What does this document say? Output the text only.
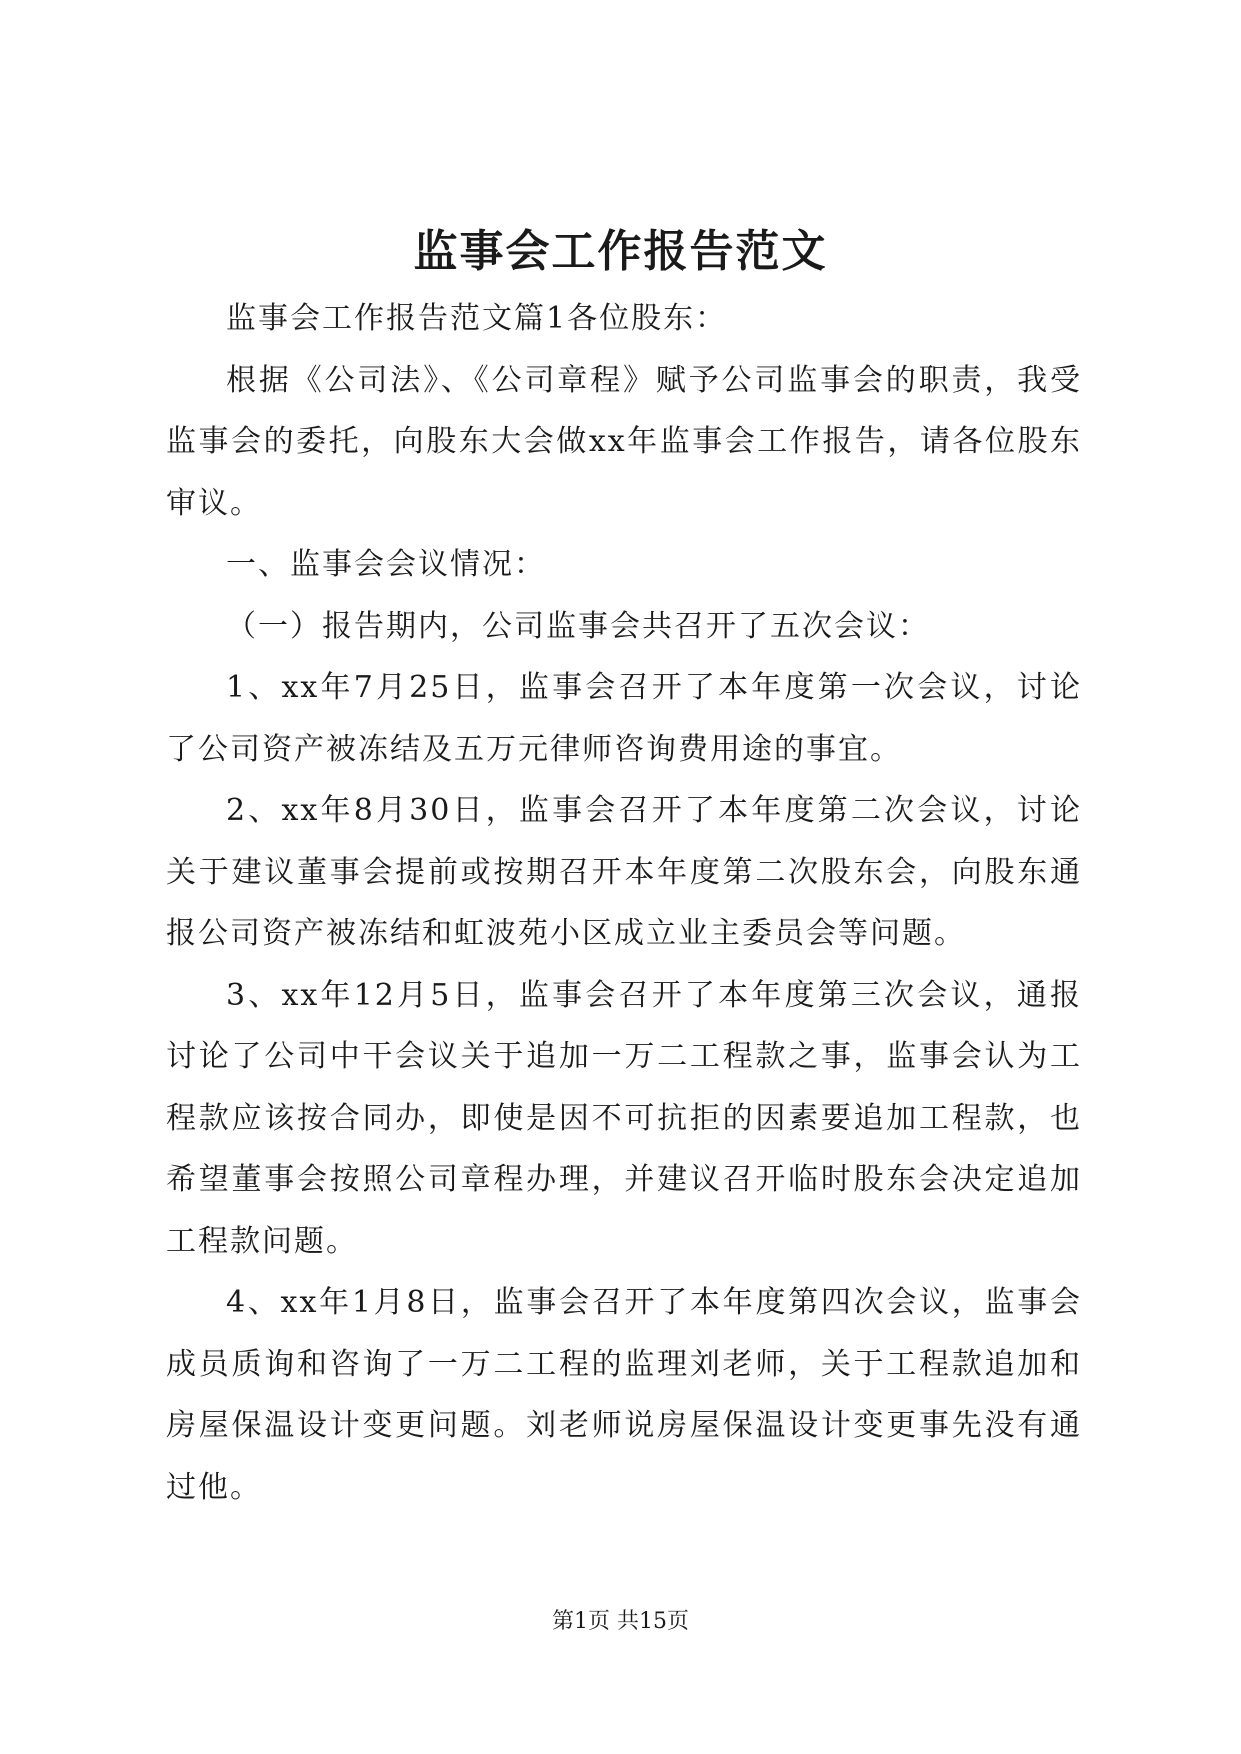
监事会工作报告范文

监事会工作报告范文篇1各位股东：

根据《公司法》、《公司章程》赋予公司监事会的职责，我受监事会的委托，向股东大会做xx年监事会工作报告，请各位股东审议。

一、监事会会议情况：

（一）报告期内，公司监事会共召开了五次会议：

1、xx年7月25日，监事会召开了本年度第一次会议，讨论了公司资产被冻结及五万元律师咨询费用途的事宜。

2、xx年8月30日，监事会召开了本年度第二次会议，讨论关于建议董事会提前或按期召开本年度第二次股东会，向股东通报公司资产被冻结和虹波苑小区成立业主委员会等问题。

3、xx年12月5日，监事会召开了本年度第三次会议，通报讨论了公司中干会议关于追加一万二工程款之事，监事会认为工程款应该按合同办，即使是因不可抗拒的因素要追加工程款，也希望董事会按照公司章程办理，并建议召开临时股东会决定追加工程款问题。

4、xx年1月8日，监事会召开了本年度第四次会议，监事会成员质询和咨询了一万二工程的监理刘老师，关于工程款追加和房屋保温设计变更问题。刘老师说房屋保温设计变更事先没有通过他。

第1页 共15页
